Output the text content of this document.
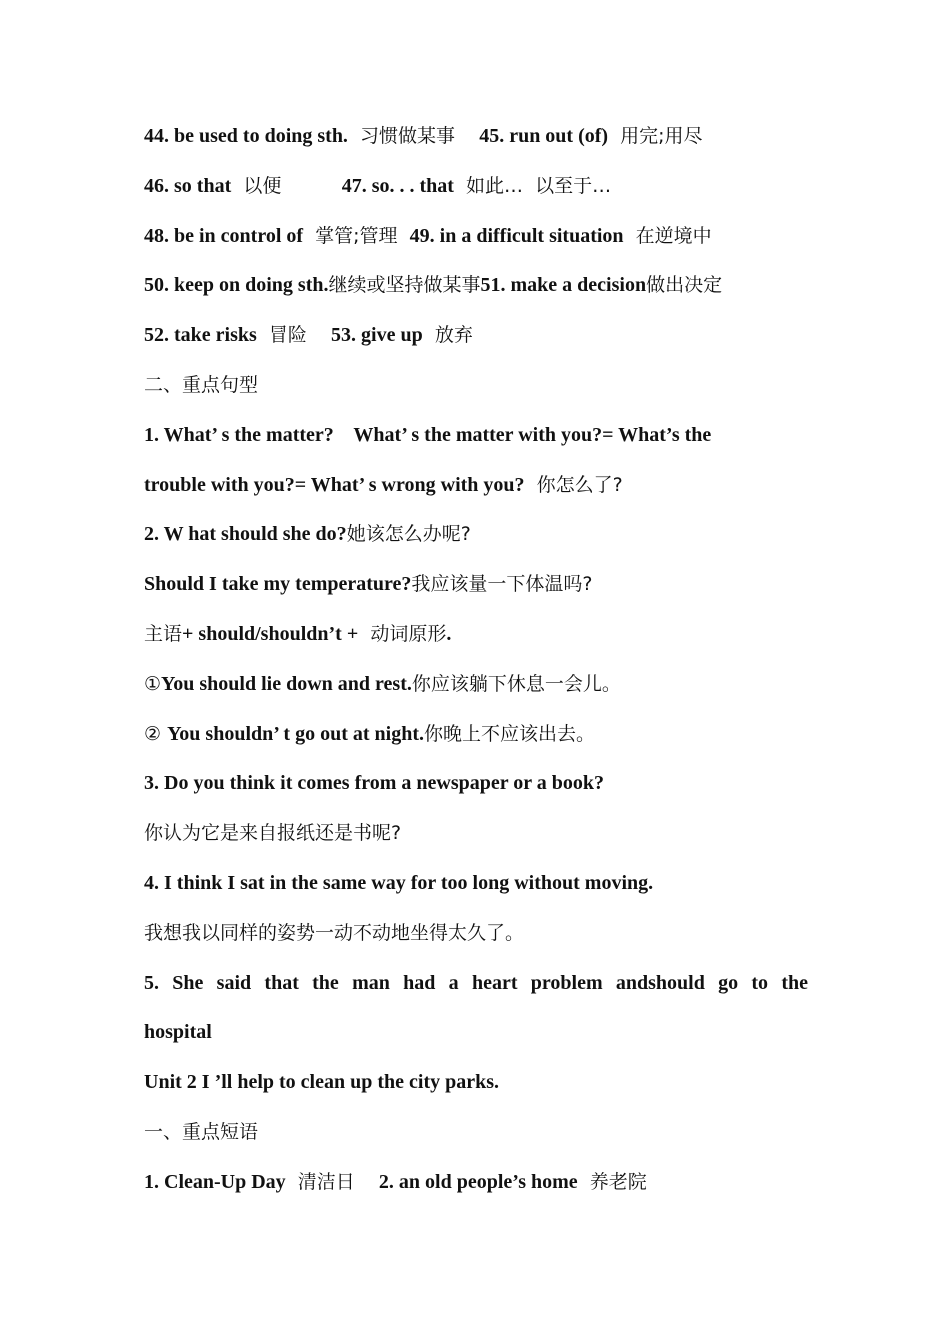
44. be used to doing sth.  习惯做某事    45. run out (of)  用完;用尽
46. so that  以便          47. so. . . that  如此…  以至于…
48. be in control of  掌管;管理  49. in a difficult situation  在逆境中
50. keep on doing sth.继续或坚持做某事51. make a decision做出决定
52. take risks  冒险    53. give up  放弃
二、重点句型
1. What’ s the matter?    What’ s the matter with you?= What’s the
trouble with you?= What’ s wrong with you?  你怎么了?
2. W hat should she do?她该怎么办呢?
Should I take my temperature?我应该量一下体温吗?
主语+ should/shouldn’t +  动词原形.
①You should lie down and rest.你应该躺下休息一会儿。
② You shouldn’ t go out at night.你晚上不应该出去。
3. Do you think it comes from a newspaper or a book?
你认为它是来自报纸还是书呢?
4. I think I sat in the same way for too long without moving.
我想我以同样的姿势一动不动地坐得太久了。
5. She said that the man had a heart problem andshould go to the
hospital
Unit 2 I ’ll help to clean up the city parks.
一、重点短语
1. Clean-Up Day  清洁日    2. an old people’s home  养老院
